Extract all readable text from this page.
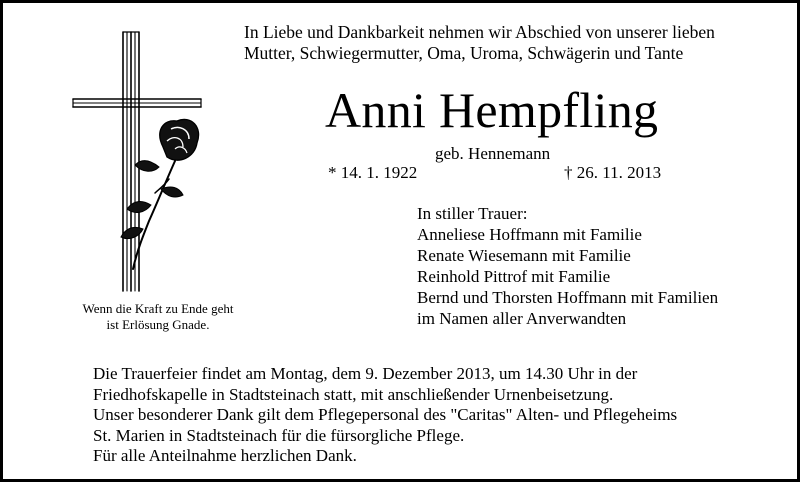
In Liebe und Dankbarkeit nehmen wir Abschied von unserer lieben
Mutter, Schwiegermutter, Oma, Uroma, Schwägerin und Tante
Wenn die Kraft zu Ende geht
ist Erlösung Gnade.
Anni Hempfling
geb. Hennemann
* 14. 1. 1922	† 26. 11. 2013
In stiller Trauer:
Anneliese Hoffmann mit Familie
Renate Wiesemann mit Familie
Reinhold Pittrof mit Familie
Bernd und Thorsten Hoffmann mit Familien
im Namen aller Anverwandten
Die Trauerfeier findet am Montag, dem 9. Dezember 2013, um 14.30 Uhr in der
Friedhofskapelle in Stadtsteinach statt, mit anschließender Urnenbeisetzung.
Unser besonderer Dank gilt dem Pflegepersonal des "Caritas" Alten- und Pflegeheims
St. Marien in Stadtsteinach für die fürsorgliche Pflege.
Für alle Anteilnahme herzlichen Dank.
